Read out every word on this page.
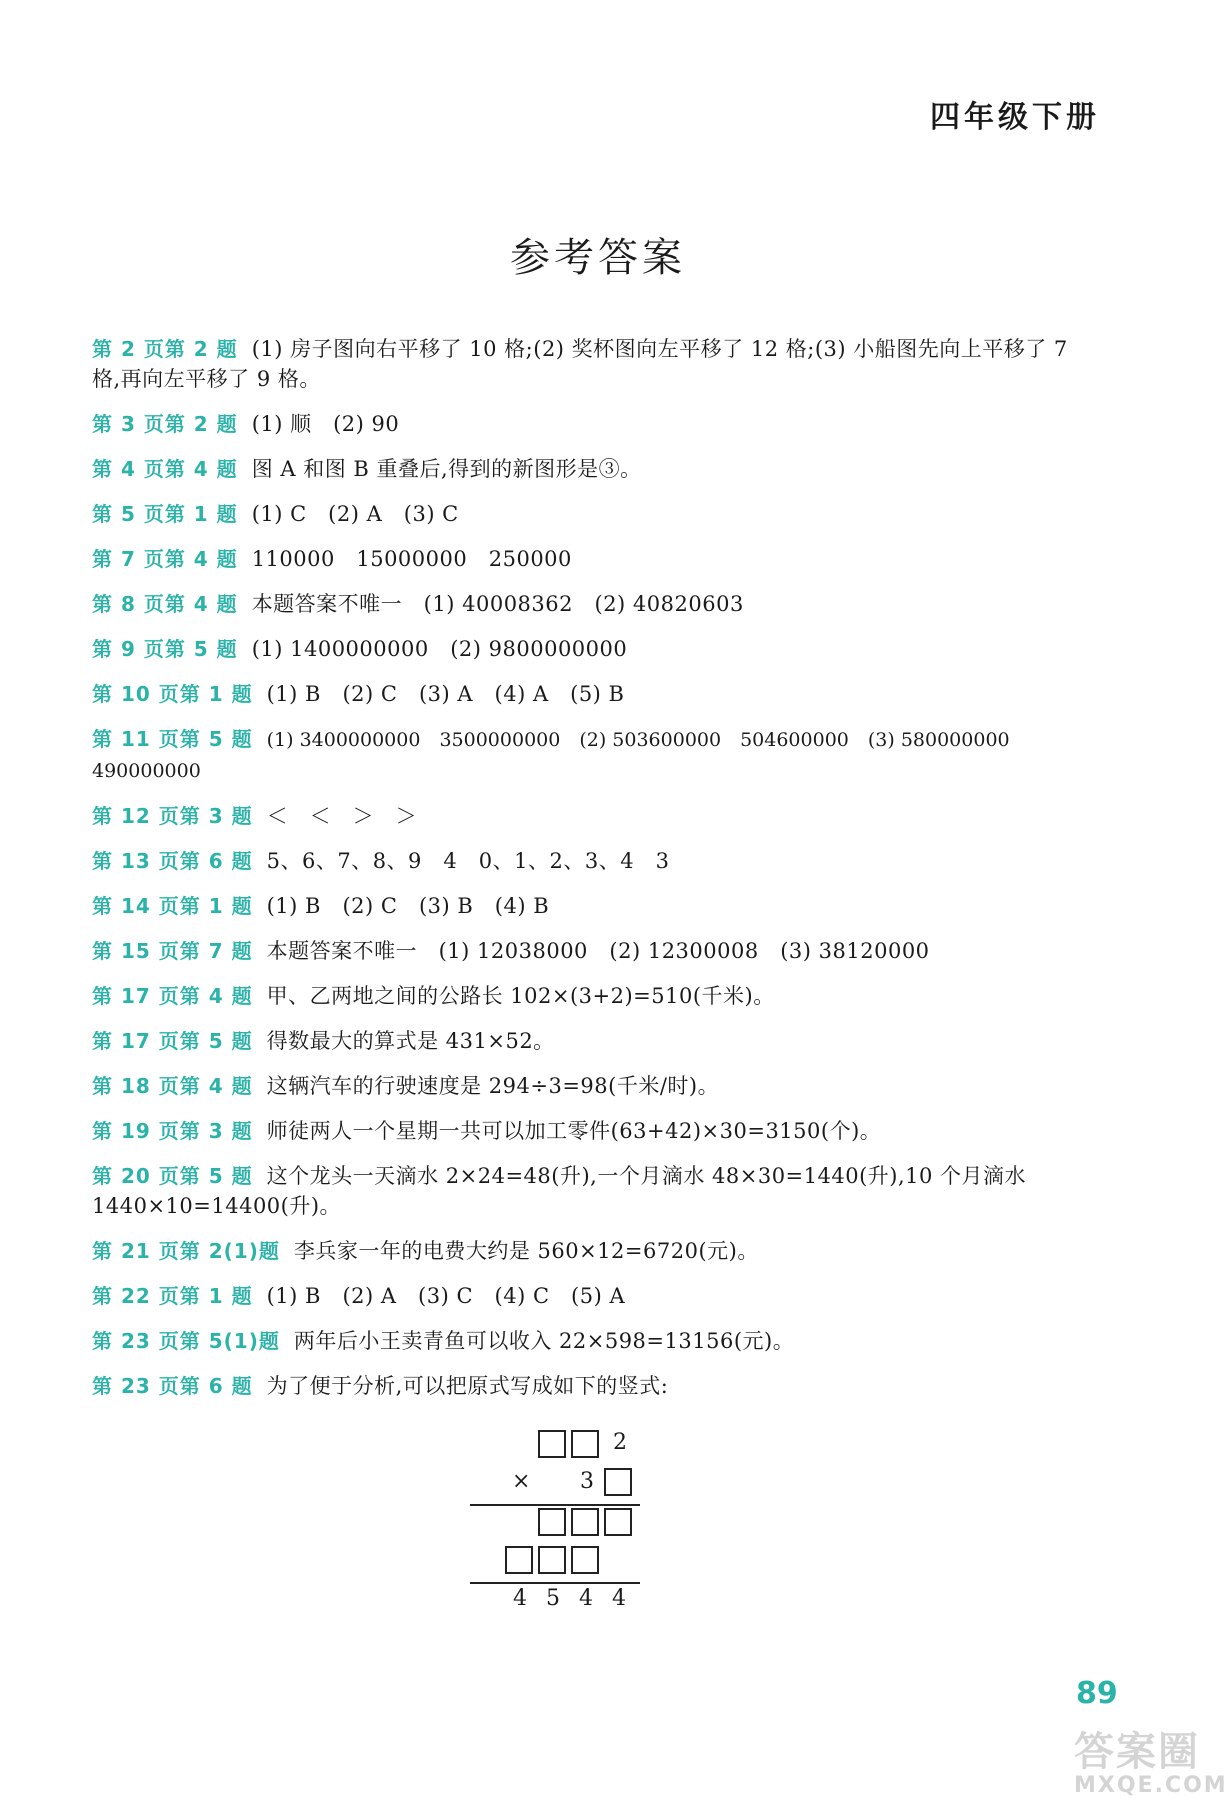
四年级下册
参考答案
第 2 页第 2 题 (1) 房子图向右平移了 10 格;(2) 奖杯图向左平移了 12 格;(3) 小船图先向上平移了 7 格,再向左平移了 9 格。
第 3 页第 2 题 (1) 顺　(2) 90
第 4 页第 4 题 图 A 和图 B 重叠后,得到的新图形是③。
第 5 页第 1 题 (1) C　(2) A　(3) C
第 7 页第 4 题 110000　15000000　250000
第 8 页第 4 题 本题答案不唯一　(1) 40008362　(2) 40820603
第 9 页第 5 题 (1) 1400000000　(2) 9800000000
第 10 页第 1 题 (1) B　(2) C　(3) A　(4) A　(5) B
第 11 页第 5 题 (1) 3400000000　3500000000　(2) 503600000　504600000　(3) 580000000　490000000
第 12 页第 3 题 ＜　＜　＞　＞
第 13 页第 6 题 5、6、7、8、9　4　0、1、2、3、4　3
第 14 页第 1 题 (1) B　(2) C　(3) B　(4) B
第 15 页第 7 题 本题答案不唯一　(1) 12038000　(2) 12300008　(3) 38120000
第 17 页第 4 题 甲、乙两地之间的公路长 102×(3+2)=510(千米)。
第 17 页第 5 题 得数最大的算式是 431×52。
第 18 页第 4 题 这辆汽车的行驶速度是 294÷3=98(千米/时)。
第 19 页第 3 题 师徒两人一个星期一共可以加工零件(63+42)×30=3150(个)。
第 20 页第 5 题 这个龙头一天滴水 2×24=48(升),一个月滴水 48×30=1440(升),10 个月滴水 1440×10=14400(升)。
第 21 页第 2(1)题 李兵家一年的电费大约是 560×12=6720(元)。
第 22 页第 1 题 (1) B　(2) A　(3) C　(4) C　(5) A
第 23 页第 5(1)题 两年后小王卖青鱼可以收入 22×598=13156(元)。
第 23 页第 6 题 为了便于分析,可以把原式写成如下的竖式:
2
× 3
4 5 4 4
89
答案圈
MXQE.COM
